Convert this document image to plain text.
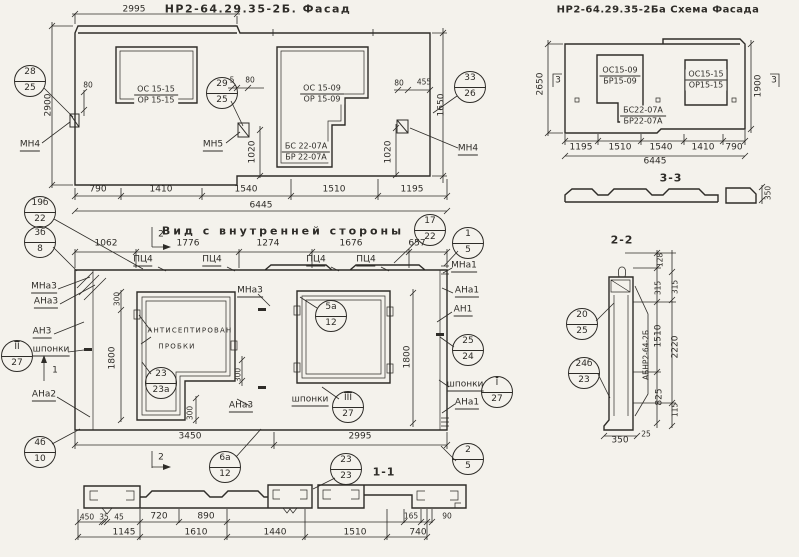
НР2-64.29.35-2Б. Фасад	НР2-64.29.35-2Ба Схема Фасада
Вид с внутренней стороны
2995
80
5 80	80 455
2900	1650
МН4	МН5	МН4
1020	1020
ОС 15-15
ОР 15-15
ОС 15-09
ОР 15-09
БС 22-07А
БР 22-07А
790	1410	1540	1510	1195
6445
2650	1900
3	3
ОС15-09
БР15-09
ОС15-15
ОР15-15
БС22-07А
БР22-07А
1195 1510 1540 1410 790
6445
3-3
350
1062	1776	1274	1676	657
ПЦ4	ПЦ4	ПЦ4	ПЦ4
МНа3
АНа3
АН3
шпонки
1
АНа2
300
1800
АНТИСЕПТИРОВАН
ПРОБКИ
300
300
АНа3
МНа3
1800
шпонки
МНа1
АНа1
АН1
шпонки
АНа1
3450	2995
2
2
1-1
2-2
128
315 315
1510 2220
825
115
25
350
АБНР2-64-2Б
450 35 45	720	890	165	90
1145	1610	1440	1510	740
28
25	29
25
33
26
19б
22
3б
8
17
22	1
5
$\overline{II}$
27
23
23а
5а
12
$\overline{III}$
27
25
24
$\overline{I}$
27
4б
10	6а
12
23
23
2
5
20
25
24б
23
